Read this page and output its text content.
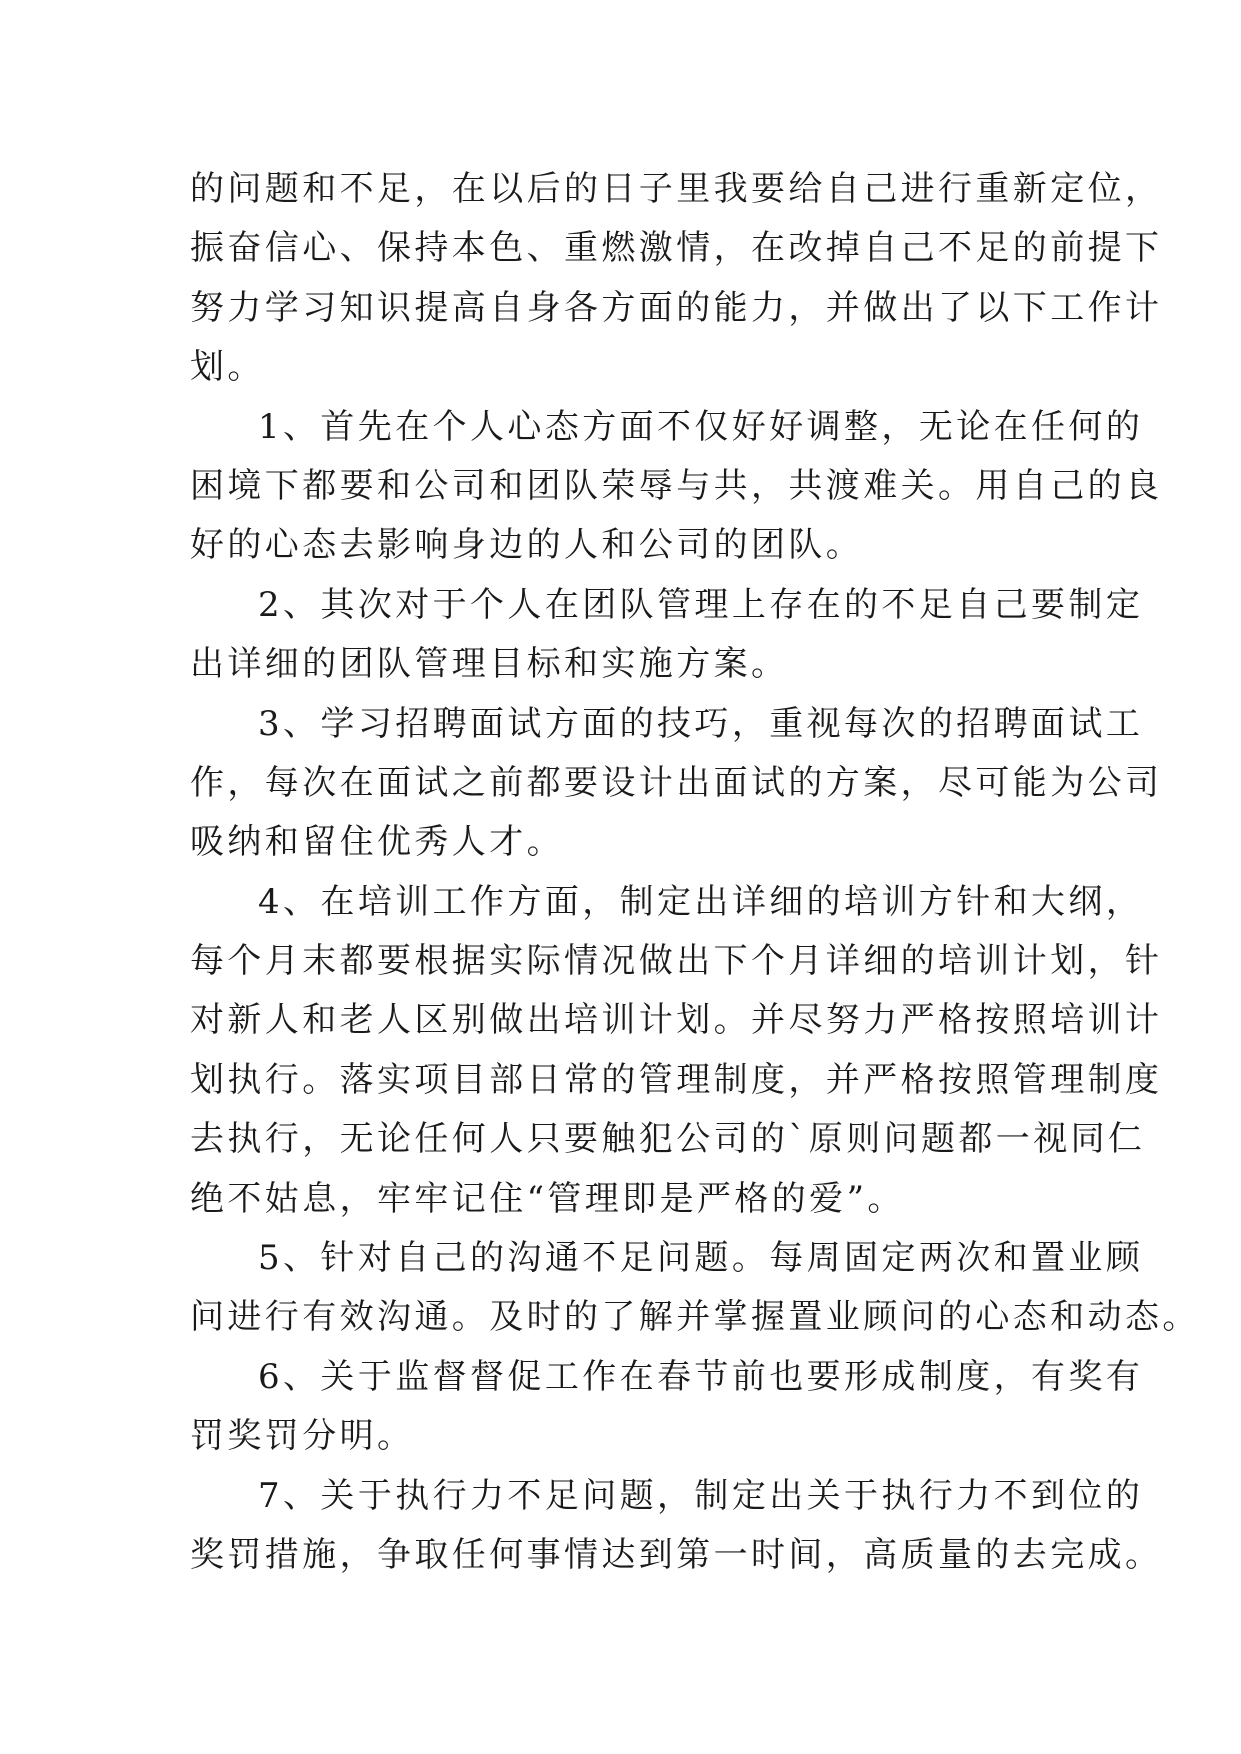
的问题和不足，在以后的日子里我要给自己进行重新定位，
振奋信心、保持本色、重燃激情，在改掉自己不足的前提下
努力学习知识提高自身各方面的能力，并做出了以下工作计
划。
1、首先在个人心态方面不仅好好调整，无论在任何的
困境下都要和公司和团队荣辱与共，共渡难关。用自己的良
好的心态去影响身边的人和公司的团队。
2、其次对于个人在团队管理上存在的不足自己要制定
出详细的团队管理目标和实施方案。
3、学习招聘面试方面的技巧，重视每次的招聘面试工
作，每次在面试之前都要设计出面试的方案，尽可能为公司
吸纳和留住优秀人才。
4、在培训工作方面，制定出详细的培训方针和大纲，
每个月末都要根据实际情况做出下个月详细的培训计划，针
对新人和老人区别做出培训计划。并尽努力严格按照培训计
划执行。落实项目部日常的管理制度，并严格按照管理制度
去执行，无论任何人只要触犯公司的`原则问题都一视同仁
绝不姑息，牢牢记住“管理即是严格的爱”。
5、针对自己的沟通不足问题。每周固定两次和置业顾
问进行有效沟通。及时的了解并掌握置业顾问的心态和动态。
6、关于监督督促工作在春节前也要形成制度，有奖有
罚奖罚分明。
7、关于执行力不足问题，制定出关于执行力不到位的
奖罚措施，争取任何事情达到第一时间，高质量的去完成。
